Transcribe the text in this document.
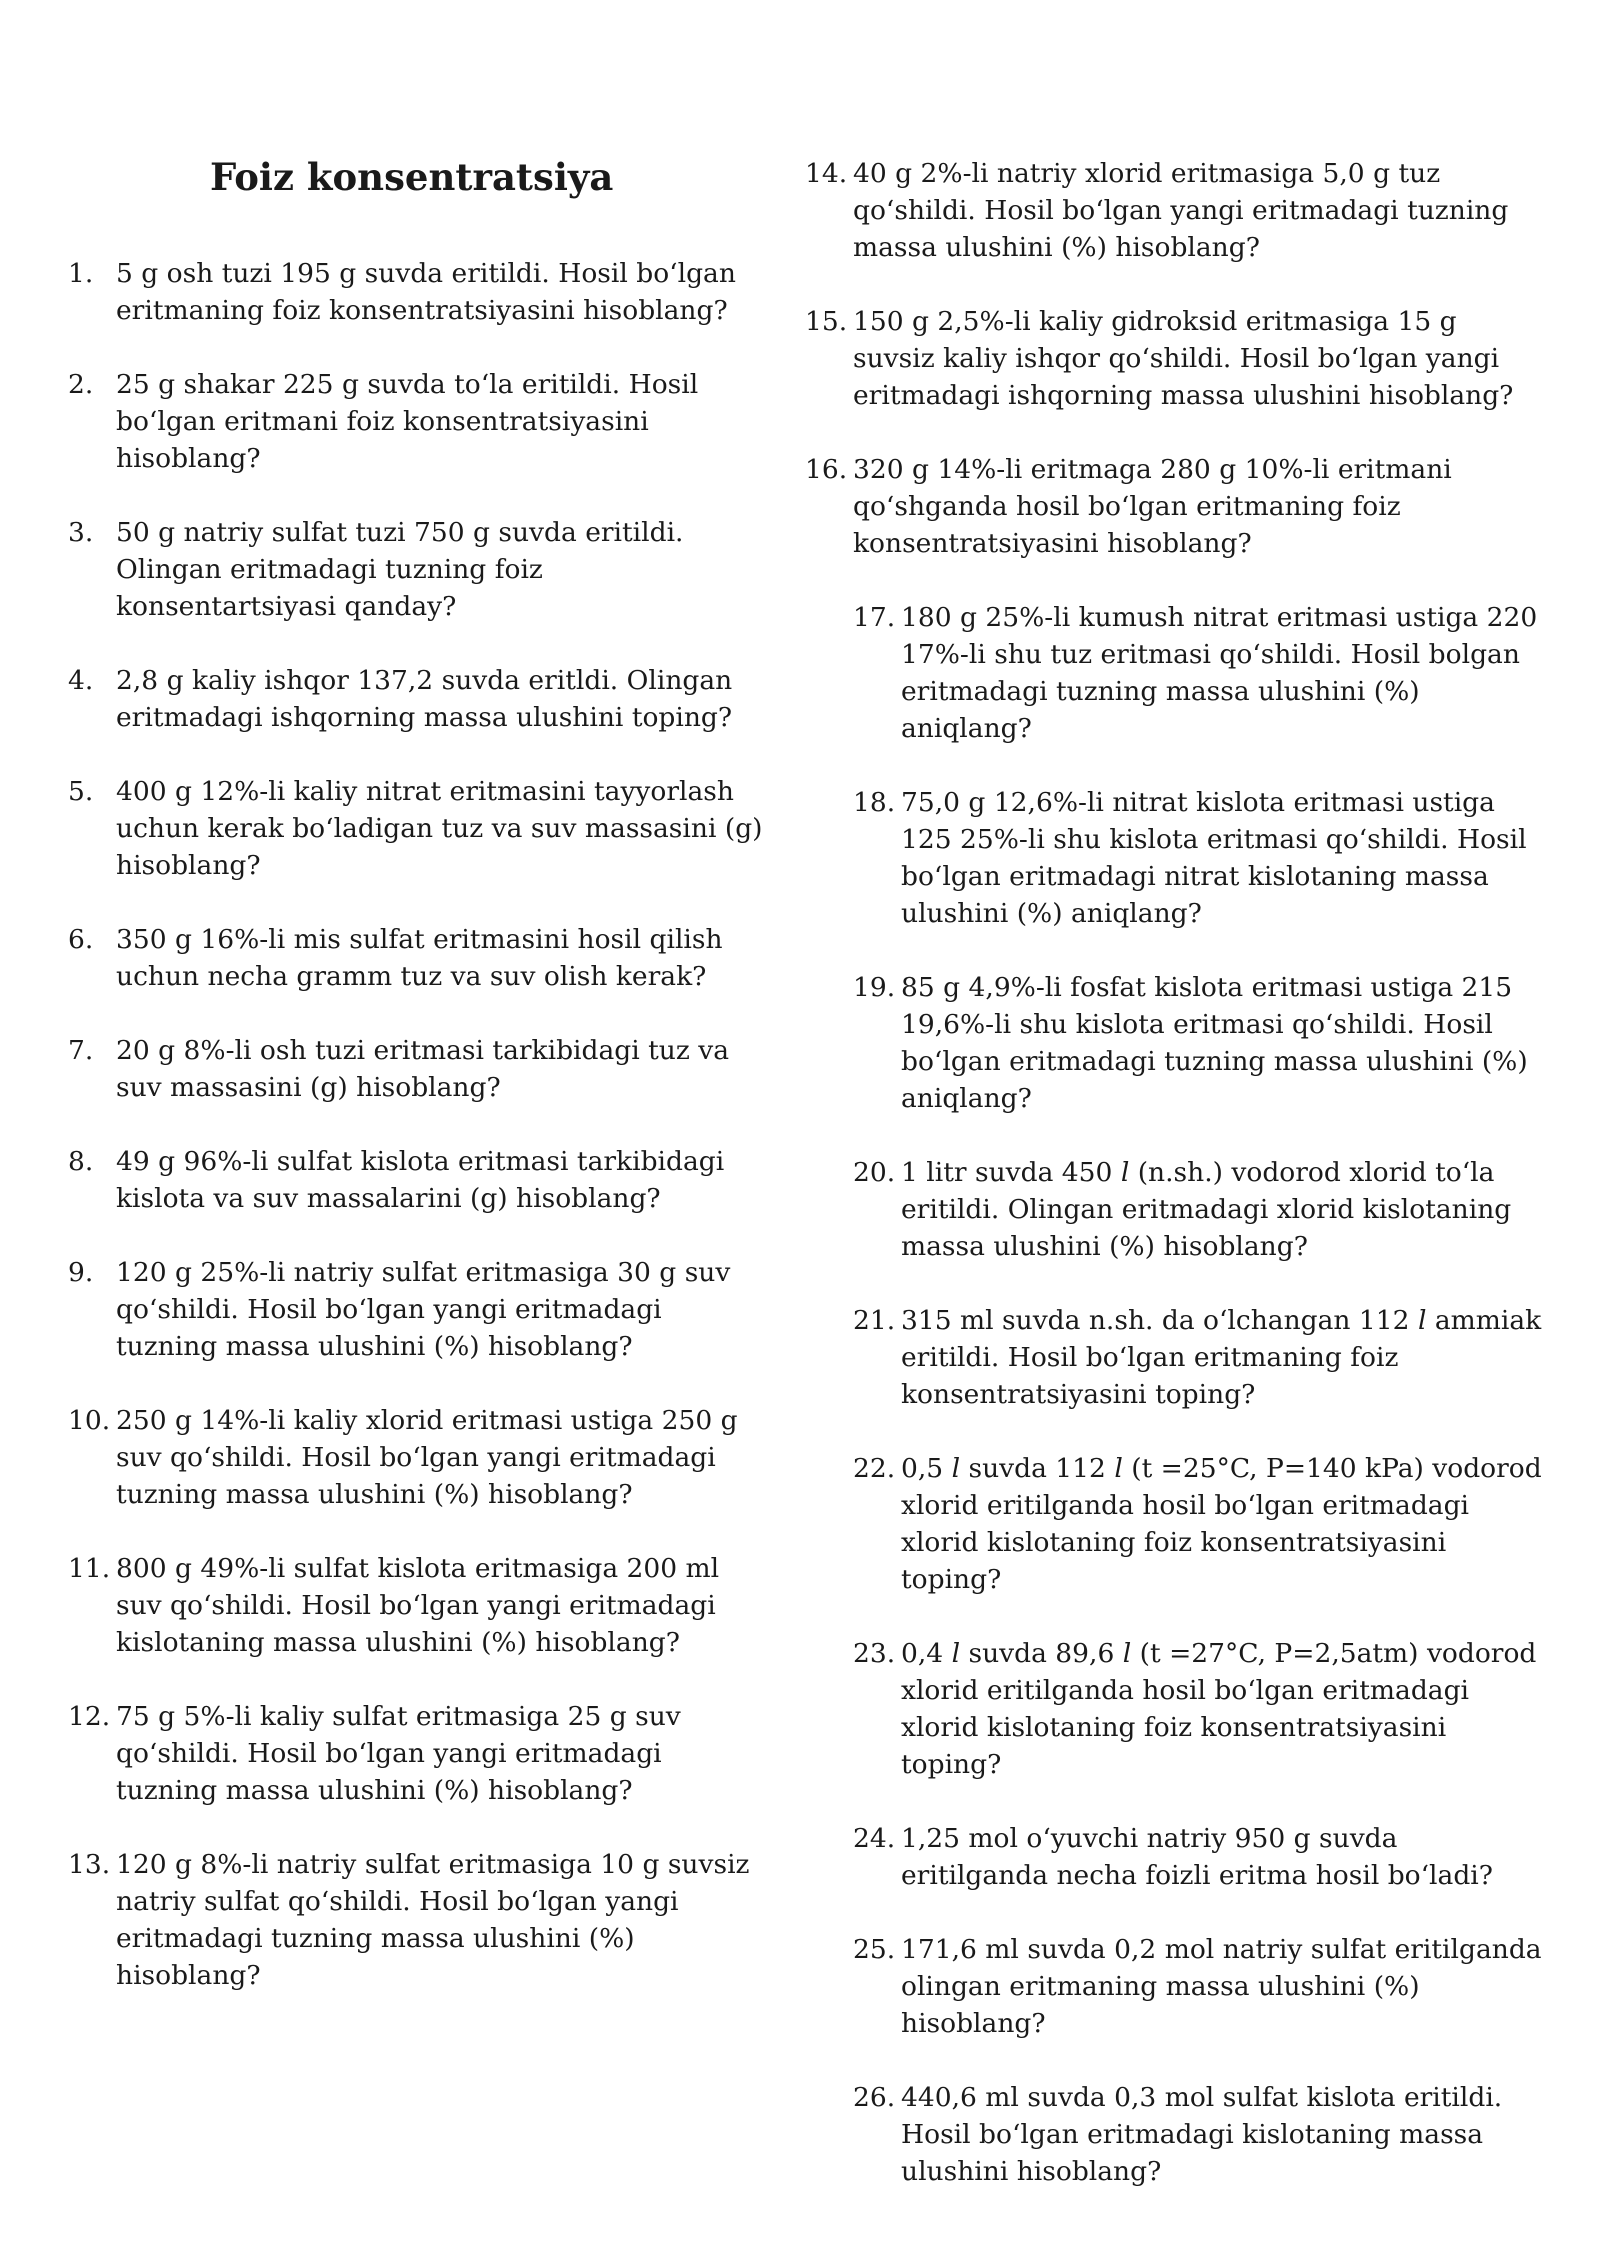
Foiz konsentratsiya
1. 5 g osh tuzi 195 g suvda eritildi. Hosil boʻlgan eritmaning foiz konsentratsiyasini hisoblang?
2. 25 g shakar 225 g suvda toʻla eritildi. Hosil boʻlgan eritmani foiz konsentratsiyasini hisoblang?
3. 50 g natriy sulfat tuzi 750 g suvda eritildi. Olingan eritmadagi tuzning foiz konsentartsiyasi qanday?
4. 2,8 g kaliy ishqor 137,2 suvda eritldi. Olingan eritmadagi ishqorning massa ulushini toping?
5. 400 g 12%-li kaliy nitrat eritmasini tayyorlash uchun kerak boʻladigan tuz va suv massasini (g) hisoblang?
6. 350 g 16%-li mis sulfat eritmasini hosil qilish uchun necha gramm tuz va suv olish kerak?
7. 20 g 8%-li osh tuzi eritmasi tarkibidagi tuz va suv massasini (g) hisoblang?
8. 49 g 96%-li sulfat kislota eritmasi tarkibidagi kislota va suv massalarini (g) hisoblang?
9. 120 g 25%-li natriy sulfat eritmasiga 30 g suv qoʻshildi. Hosil boʻlgan yangi eritmadagi tuzning massa ulushini (%) hisoblang?
10. 250 g 14%-li kaliy xlorid eritmasi ustiga 250 g suv qoʻshildi. Hosil boʻlgan yangi eritmadagi tuzning massa ulushini (%) hisoblang?
11. 800 g 49%-li sulfat kislota eritmasiga 200 ml suv qoʻshildi. Hosil boʻlgan yangi eritmadagi kislotaning massa ulushini (%) hisoblang?
12. 75 g 5%-li kaliy sulfat eritmasiga 25 g suv qoʻshildi. Hosil boʻlgan yangi eritmadagi tuzning massa ulushini (%) hisoblang?
13. 120 g 8%-li natriy sulfat eritmasiga 10 g suvsiz natriy sulfat qoʻshildi. Hosil boʻlgan yangi eritmadagi tuzning massa ulushini (%) hisoblang?
14. 40 g 2%-li natriy xlorid eritmasiga 5,0 g tuz qoʻshildi. Hosil boʻlgan yangi eritmadagi tuzning massa ulushini (%) hisoblang?
15. 150 g 2,5%-li kaliy gidroksid eritmasiga 15 g suvsiz kaliy ishqor qoʻshildi. Hosil boʻlgan yangi eritmadagi ishqorning massa ulushini hisoblang?
16. 320 g 14%-li eritmaga 280 g 10%-li eritmani qoʻshganda hosil boʻlgan eritmaning foiz konsentratsiyasini hisoblang?
17. 180 g 25%-li kumush nitrat eritmasi ustiga 220 17%-li shu tuz eritmasi qoʻshildi. Hosil bolgan eritmadagi tuzning massa ulushini (%) aniqlang?
18. 75,0 g 12,6%-li nitrat kislota eritmasi ustiga 125 25%-li shu kislota eritmasi qoʻshildi. Hosil boʻlgan eritmadagi nitrat kislotaning massa ulushini (%) aniqlang?
19. 85 g 4,9%-li fosfat kislota eritmasi ustiga 215 19,6%-li shu kislota eritmasi qoʻshildi. Hosil boʻlgan eritmadagi tuzning massa ulushini (%) aniqlang?
20. 1 litr suvda 450 l (n.sh.) vodorod xlorid toʻla eritildi. Olingan eritmadagi xlorid kislotaning massa ulushini (%) hisoblang?
21. 315 ml suvda n.sh. da oʻlchangan 112 l ammiak eritildi. Hosil boʻlgan eritmaning foiz konsentratsiyasini toping?
22. 0,5 l suvda 112 l (t =25°C, P=140 kPa) vodorod xlorid eritilganda hosil boʻlgan eritmadagi xlorid kislotaning foiz konsentratsiyasini toping?
23. 0,4 l suvda 89,6 l (t =27°C, P=2,5atm) vodorod xlorid eritilganda hosil boʻlgan eritmadagi xlorid kislotaning foiz konsentratsiyasini toping?
24. 1,25 mol oʻyuvchi natriy 950 g suvda eritilganda necha foizli eritma hosil boʻladi?
25. 171,6 ml suvda 0,2 mol natriy sulfat eritilganda olingan eritmaning massa ulushini (%) hisoblang?
26. 440,6 ml suvda 0,3 mol sulfat kislota eritildi. Hosil boʻlgan eritmadagi kislotaning massa ulushini hisoblang?
